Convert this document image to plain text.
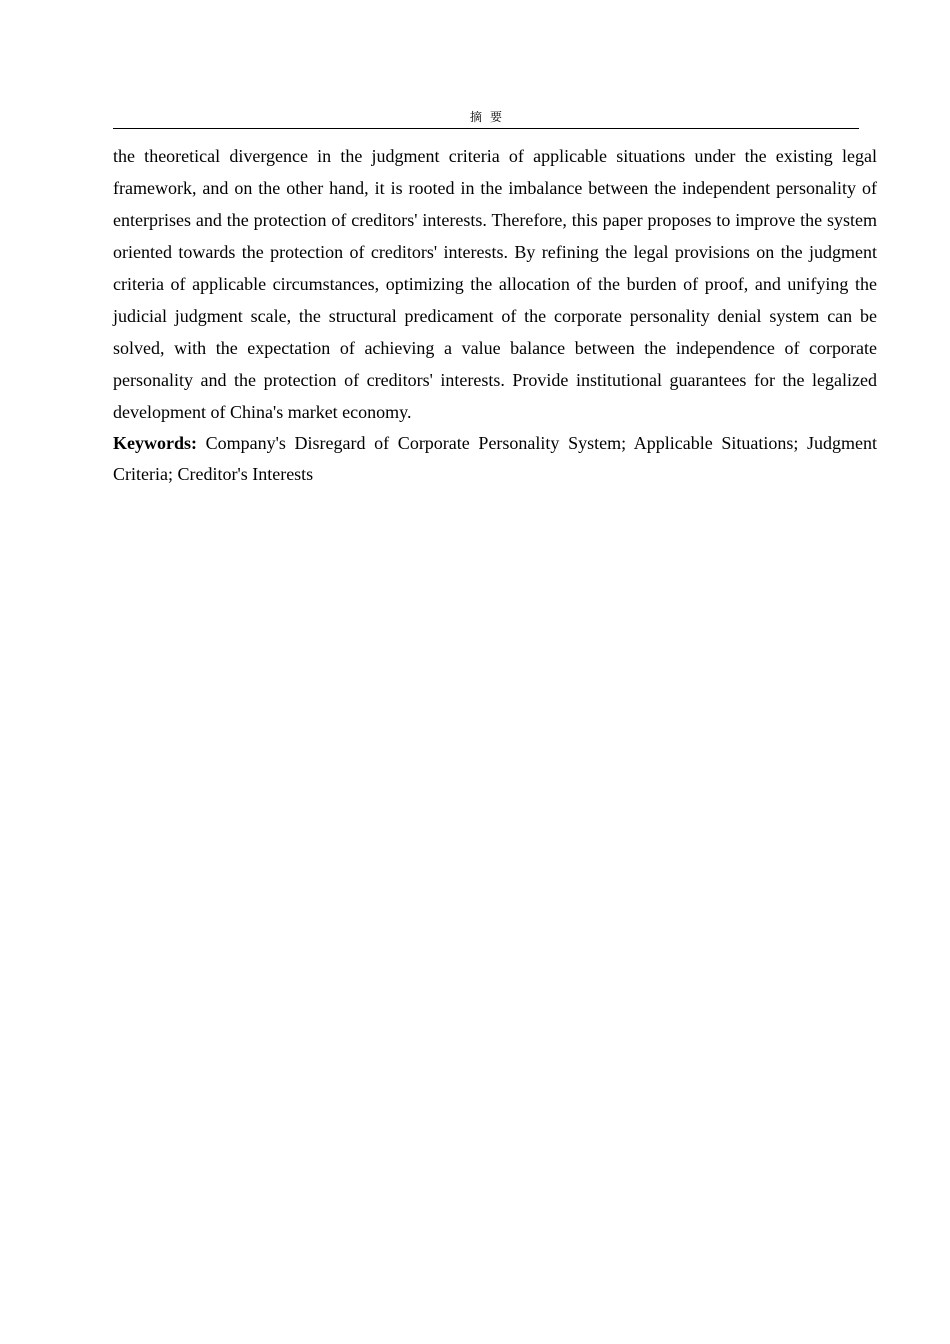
摘要

the theoretical divergence in the judgment criteria of applicable situations under the existing legal framework, and on the other hand, it is rooted in the imbalance between the independent personality of enterprises and the protection of creditors' interests. Therefore, this paper proposes to improve the system oriented towards the protection of creditors' interests. By refining the legal provisions on the judgment criteria of applicable circumstances, optimizing the allocation of the burden of proof, and unifying the judicial judgment scale, the structural predicament of the corporate personality denial system can be solved, with the expectation of achieving a value balance between the independence of corporate personality and the protection of creditors' interests. Provide institutional guarantees for the legalized development of China's market economy.

Keywords: Company's Disregard of Corporate Personality System; Applicable Situations; Judgment Criteria; Creditor's Interests
